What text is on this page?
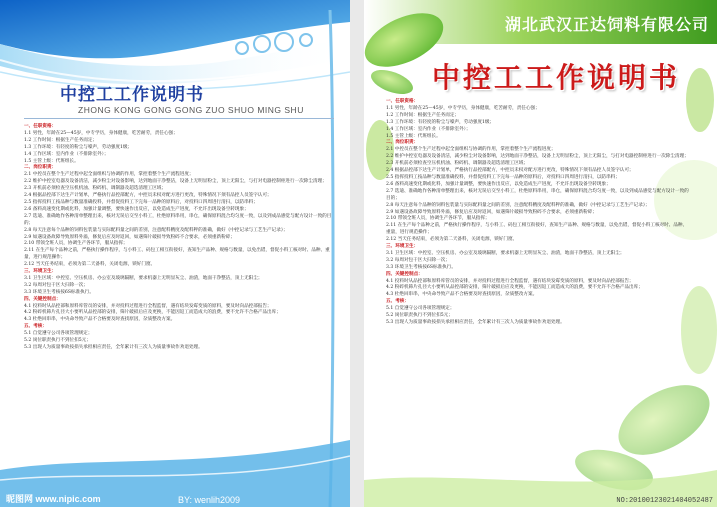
中控工工作说明书
ZHONG KONG GONG GONG ZUO SHUO MING SHU
一、任职资格：
1.1 男性，年龄在25—45岁，中专学历，身体健康，吃苦耐劳，责任心强；
1.2 工作时间：根据生产任务而定；
1.3 工作环境：有轻度的粉尘与噪声，劳动强度1级；
1.4 工作区域：室内作业（不排除室外）；
1.5 主管上级：代班组长。
二、岗位职责：
2.1 中控员在整个生产过程中起全面组织与协调的作用，掌控着整个生产流程进度；
2.2 维护中控室电器及设备清洁，减少粉尘对设备影响，达到地面干净整洁，设备上无明显粉尘，顶上无阳尘，与打对电器控制柜进行一次除尘清理；
2.3 开机前必须检查空压机机油、粉碎机、调制器及超选清理工区域；
2.4 根据品控部下达生产计划单，严格执行品控部配方，中控员未权对配方进行更改，特殊情况下须有品控人员签字认可；
2.5 指挥投料工按品种与数量准确投料，并督促投料工下完每一品种的原料后，对投料口四周进行清扫，以防串料；
2.6 备料高速变化期或化料，加强计量调整，要快速作出反应，以免造成生产进度，不允许出现设备空转现象；
2.7 选迪、准确地作各种清单整理出来，核对无误后交至小料工，杜绝原料串用，串仓，确保原料混合均匀度一致，以及到成品感觉与配方设计一致的目的；
2.8 每天注意每个品种的饲料包装量与实际配料量之间的差别，注意配料精度及配料秤的准确，做好《中控记录与工艺生产记录》；
2.9 如遇设备故障导致原料外溢，修复后应及时返回，如遇筛片破损导致粉碎不合要求，必须重新粉碎；
2.10 带领全班人员，协调生产各环节，服从指挥；
2.11 在生产每个品种之前，严格执行操作程序，与小料工、码包工相互衔接好，查知生产品种、规格与数量，以免出错，督促小料工核对时、品种、重量，进行规范操作；
2.12 当天任务结束，必须为第二天备料，关闭电源，锁好门窗。
三、环境卫生：
3.1 卫生区域：中控室、空压机房、办公室及玻璃隔断，要求机器上无明显灰尘、油渣，地面干净整洁，顶上无阳尘；
3.2 每周对包干区大扫除一次；
3.3 环境卫生考核按6S标准执行。
四、关键控制点：
4.1 投料时从品控部和原料库管员的安排，并对投料过程进行全程监督，遇有结块发霉变质的原料，要及时向品控部报告；
4.2 粉碎机筛片孔径大小要听从品控部的安排，筛片破损后应及更换，不能因返工而造成大的浪费，要不允许不合格产品出库；
4.3 杜绝回串串，中央命导致产品不合格要及时查找原因，杂质整改方案。
五、考核：
5.1 自觉遵守公司各项管理规定；
5.2 岗位职责执行不到位扣5元；
5.3 出现人为质量事故按损失承担相应责任，全年累计有三次人为质量事故作劝退处理。
昵图网 www.nipic.com	BY: wenlih2009
湖北武汉正达饲料有限公司
中控工工作说明书
一、任职资格：
1.1 男性，年龄在25—45岁，中专学历，身体健康，吃苦耐劳，责任心强；
1.2 工作时间：根据生产任务而定；
1.3 工作环境：有轻度的粉尘与噪声，劳动强度1级；
1.4 工作区域：室内作业（不排除室外）；
1.5 主管上级：代班组长。
二、岗位职责：
2.1 中控员在整个生产过程中起全面组织与协调的作用，掌控着整个生产流程进度；
2.2 维护中控室电器及设备清洁，减少粉尘对设备影响，达到地面干净整洁，设备上无明显粉尘，顶上无阳尘，与打对电器控制柜进行一次除尘清理；
2.3 开机前必须检查空压机机油、粉碎机、调制器及超选清理工区域；
2.4 根据品控部下达生产计划单，严格执行品控部配方，中控员未权对配方进行更改，特殊情况下须有品控人员签字认可；
2.5 指挥投料工按品种与数量准确投料，并督促投料工下完每一品种的原料后，对投料口四周进行清扫，以防串料；
2.6 备料高速变化期或化料，加强计量调整，要快速作出反应，以免造成生产进度，不允许出现设备空转现象；
2.7 选迪、准确地作各种清单整理出来，核对无误后交至小料工，杜绝原料串用，串仓，确保原料混合均匀度一致，以及到成品感觉与配方设计一致的目的；
2.8 每天注意每个品种的饲料包装量与实际配料量之间的差别，注意配料精度及配料秤的准确，做好《中控记录与工艺生产记录》；
2.9 如遇设备故障导致原料外溢，修复后应及时返回，如遇筛片破损导致粉碎不合要求，必须重新粉碎；
2.10 带领全班人员，协调生产各环节，服从指挥；
2.11 在生产每个品种之前，严格执行操作程序，与小料工、码包工相互衔接好，查知生产品种、规格与数量，以免出错，督促小料工核对时、品种、重量，进行规范操作；
2.12 当天任务结束，必须为第二天备料，关闭电源，锁好门窗。
三、环境卫生：
3.1 卫生区域：中控室、空压机房、办公室及玻璃隔断，要求机器上无明显灰尘、油渣，地面干净整洁，顶上无阳尘；
3.2 每周对包干区大扫除一次；
3.3 环境卫生考核按6S标准执行。
四、关键控制点：
4.1 投料时从品控部和原料库管员的安排，并对投料过程进行全程监督，遇有结块发霉变质的原料，要及时向品控部报告；
4.2 粉碎机筛片孔径大小要听从品控部的安排，筛片破损后应及更换，不能因返工而造成大的浪费，要不允许不合格产品出库；
4.3 杜绝回串串，中央命导致产品不合格要及时查找原因，杂质整改方案。
五、考核：
5.1 自觉遵守公司各项管理规定；
5.2 岗位职责执行不到位扣5元；
5.3 出现人为质量事故按损失承担相应责任，全年累计有三次人为质量事故作劝退处理。
NO:20100123021404052487
